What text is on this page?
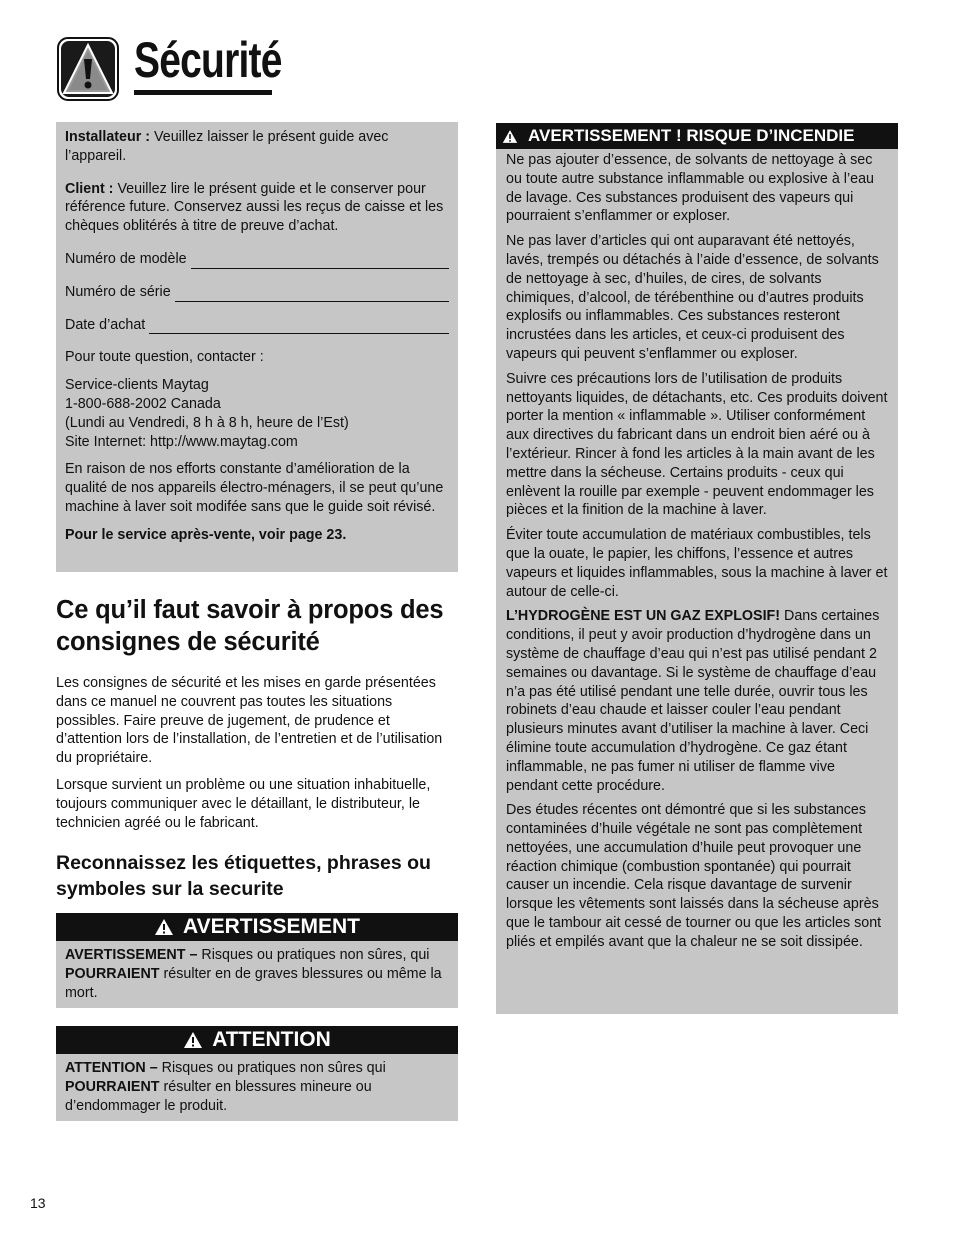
Sécurité

Installateur : Veuillez laisser le présent guide avec l’appareil.

Client : Veuillez lire le présent guide et le conserver pour référence future. Conservez aussi les reçus de caisse et les chèques oblitérés à titre de preuve d’achat.

Numéro de modèle
Numéro de série
Date d’achat

Pour toute question, contacter :

Service-clients Maytag
1-800-688-2002 Canada
(Lundi au Vendredi, 8 h à 8 h, heure de l’Est)
Site Internet: http://www.maytag.com

En raison de nos efforts constante d’amélioration de la qualité de nos appareils électro-ménagers, il se peut qu’une machine à laver soit modifée sans que le guide soit révisé.

Pour le service après-vente, voir page 23.

Ce qu’il faut savoir à propos des consignes de sécurité
Les consignes de sécurité et les mises en garde présentées dans ce manuel ne couvrent pas toutes les situations possibles. Faire preuve de jugement, de prudence et d’attention lors de l’installation, de l’entretien et de l’utilisation du propriétaire.
Lorsque survient un problème ou une situation inhabituelle, toujours communiquer avec le détaillant, le distributeur, le technicien agréé ou le fabricant.
Reconnaissez les étiquettes, phrases ou symboles sur la securite
AVERTISSEMENT
AVERTISSEMENT – Risques ou pratiques non sûres, qui POURRAIENT résulter en de graves blessures ou même la mort.
ATTENTION
ATTENTION – Risques ou pratiques non sûres qui POURRAIENT résulter en blessures mineure ou d’endommager le produit.
AVERTISSEMENT ! RISQUE D’INCENDIE

Ne pas ajouter d’essence, de solvants de nettoyage à sec ou toute autre substance inflammable ou explosive à l’eau de lavage. Ces substances produisent des vapeurs qui pourraient s’enflammer or exploser.

Ne pas laver d’articles qui ont auparavant été nettoyés, lavés, trempés ou détachés à l’aide d’essence, de solvants de nettoyage à sec, d’huiles, de cires, de solvants chimiques, d’alcool, de térébenthine ou d’autres produits explosifs ou inflammables. Ces substances resteront incrustées dans les articles, et ceux-ci produisent des vapeurs qui peuvent s’enflammer ou exploser.

Suivre ces précautions lors de l’utilisation de produits nettoyants liquides, de détachants, etc. Ces produits doivent porter la mention « inflammable ». Utiliser conformément aux directives du fabricant dans un endroit bien aéré ou à l’extérieur. Rincer à fond les articles à la main avant de les mettre dans la sécheuse. Certains produits - ceux qui enlèvent la rouille par exemple - peuvent endommager les pièces et la finition de la machine à laver.

Éviter toute accumulation de matériaux combustibles, tels que la ouate, le papier, les chiffons, l’essence et autres vapeurs et liquides inflammables, sous la machine à laver et autour de celle-ci.

L’HYDROGÈNE EST UN GAZ EXPLOSIF! Dans certaines conditions, il peut y avoir production d’hydrogène dans un système de chauffage d’eau qui n’est pas utilisé pendant 2 semaines ou davantage. Si le système de chauffage d’eau n’a pas été utilisé pendant une telle durée, ouvrir tous les robinets d’eau chaude et laisser couler l’eau pendant plusieurs minutes avant d’utiliser la machine à laver. Ceci élimine toute accumulation d’hydrogène. Ce gaz étant inflammable, ne pas fumer ni utiliser de flamme vive pendant cette procédure.

Des études récentes ont démontré que si les substances contaminées d’huile végétale ne sont pas complètement nettoyées, une accumulation d’huile peut provoquer une réaction chimique (combustion spontanée) qui pourrait causer un incendie. Cela risque davantage de survenir lorsque les vêtements sont laissés dans la sécheuse après que le tambour ait cessé de tourner ou que les articles sont pliés et empilés avant que la chaleur ne se soit dissipée.

13
